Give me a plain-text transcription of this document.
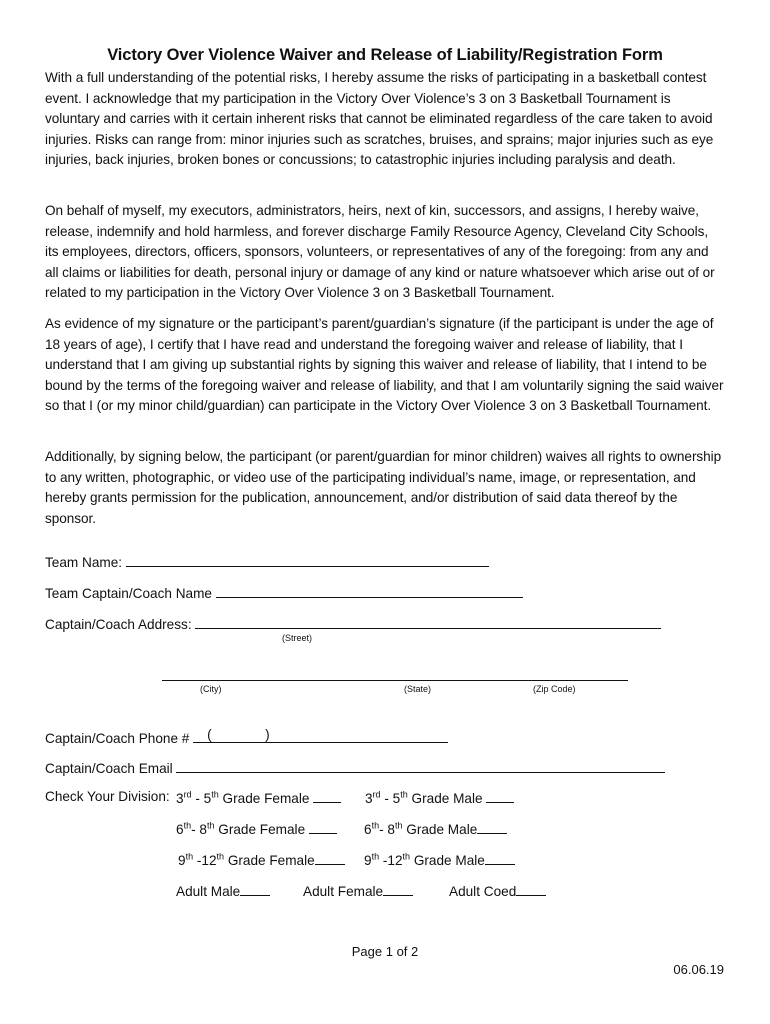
Victory Over Violence Waiver and Release of Liability/Registration Form

With a full understanding of the potential risks, I hereby assume the risks of participating in a basketball contest event. I acknowledge that my participation in the Victory Over Violence’s 3 on 3 Basketball Tournament is voluntary and carries with it certain inherent risks that cannot be eliminated regardless of the care taken to avoid injuries. Risks can range from: minor injuries such as scratches, bruises, and sprains; major injuries such as eye injuries, back injuries, broken bones or concussions; to catastrophic injuries including paralysis and death.

On behalf of myself, my executors, administrators, heirs, next of kin, successors, and assigns, I hereby waive, release, indemnify and hold harmless, and forever discharge Family Resource Agency, Cleveland City Schools, its employees, directors, officers, sponsors, volunteers, or representatives of any of the foregoing: from any and all claims or liabilities for death, personal injury or damage of any kind or nature whatsoever which arise out of or related to my participation in the Victory Over Violence 3 on 3 Basketball Tournament.

As evidence of my signature or the participant’s parent/guardian’s signature (if the participant is under the age of 18 years of age), I certify that I have read and understand the foregoing waiver and release of liability, that I understand that I am giving up substantial rights by signing this waiver and release of liability, that I intend to be bound by the terms of the foregoing waiver and release of liability, and that I am voluntarily signing the said waiver so that I (or my minor child/guardian) can participate in the Victory Over Violence 3 on 3 Basketball Tournament.

Additionally, by signing below, the participant (or parent/guardian for minor children) waives all rights to ownership to any written, photographic, or video use of the participating individual’s name, image, or representation, and hereby grants permission for the publication, announcement, and/or distribution of said data thereof by the sponsor.

Team Name:
Team Captain/Coach Name
Captain/Coach Address:
(Street)
(City)	(State)	(Zip Code)
Captain/Coach Phone # (	)
Captain/Coach Email
Check Your Division: 3rd - 5th Grade Female	3rd - 5th Grade Male
6th- 8th Grade Female	6th- 8th Grade Male
9th -12th Grade Female	9th -12th Grade Male
Adult Male	Adult Female	Adult Coed
Page 1 of 2
06.06.19
